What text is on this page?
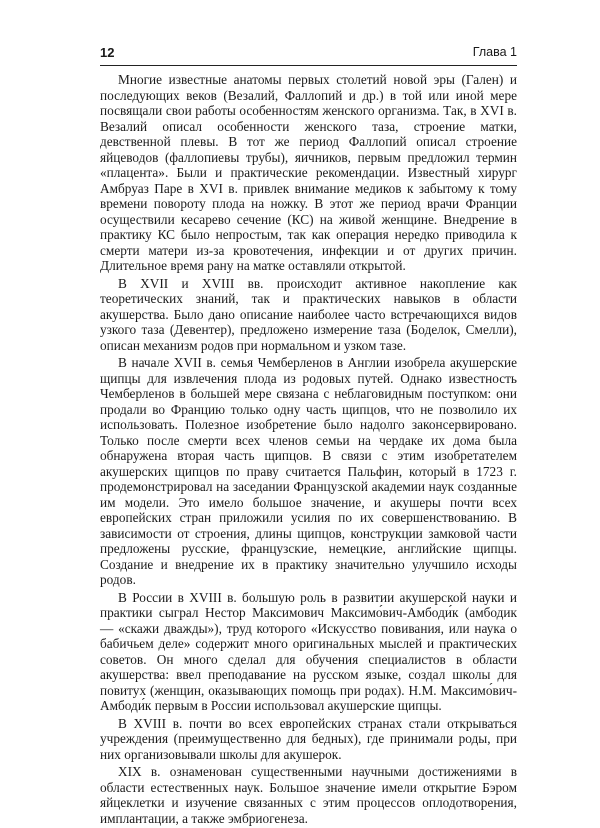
12	Глава 1

Многие известные анатомы первых столетий новой эры (Гален) и последующих веков (Везалий, Фаллопий и др.) в той или иной мере посвящали свои работы особенностям женского организма. Так, в XVI в. Везалий описал особенности женского таза, строение матки, девственной плевы. В тот же период Фаллопий описал строение яйцеводов (фаллопиевы трубы), яичников, первым предложил термин «плацента». Были и практические рекомендации. Известный хирург Амбруаз Паре в XVI в. привлек внимание медиков к забытому к тому времени повороту плода на ножку. В этот же период врачи Франции осуществили кесарево сечение (КС) на живой женщине. Внедрение в практику КС было непростым, так как операция нередко приводила к смерти матери из-за кровотечения, инфекции и от других причин. Длительное время рану на матке оставляли открытой.

В XVII и XVIII вв. происходит активное накопление как теоретических знаний, так и практических навыков в области акушерства. Было дано описание наиболее часто встречающихся видов узкого таза (Девентер), предложено измерение таза (Боделок, Смелли), описан механизм родов при нормальном и узком тазе.

В начале XVII в. семья Чемберленов в Англии изобрела акушерские щипцы для извлечения плода из родовых путей. Однако известность Чемберленов в большей мере связана с неблаговидным поступком: они продали во Францию только одну часть щипцов, что не позволило их использовать. Полезное изобретение было надолго законсервировано. Только после смерти всех членов семьи на чердаке их дома была обнаружена вторая часть щипцов. В связи с этим изобретателем акушерских щипцов по праву считается Пальфин, который в 1723 г. продемонстрировал на заседании Французской академии наук созданные им модели. Это имело большое значение, и акушеры почти всех европейских стран приложили усилия по их совершенствованию. В зависимости от строения, длины щипцов, конструкции замковой части предложены русские, французские, немецкие, английские щипцы. Создание и внедрение их в практику значительно улучшило исходы родов.

В России в XVIII в. большую роль в развитии акушерской науки и практики сыграл Нестор Максимович Максимо́вич-Амбоди́к (амбодик — «скажи дважды»), труд которого «Искусство повивания, или наука о бабичьем деле» содержит много оригинальных мыслей и практических советов. Он много сделал для обучения специалистов в области акушерства: ввел преподавание на русском языке, создал школы для повитух (женщин, оказывающих помощь при родах). Н.М. Максимо́вич-Амбоди́к первым в России использовал акушерские щипцы.

В XVIII в. почти во всех европейских странах стали открываться учреждения (преимущественно для бедных), где принимали роды, при них организовывали школы для акушерок.

XIX в. ознаменован существенными научными достижениями в области естественных наук. Большое значение имели открытие Бэром яйцеклетки и изучение связанных с этим процессов оплодотворения, имплантации, а также эмбриогенеза.
